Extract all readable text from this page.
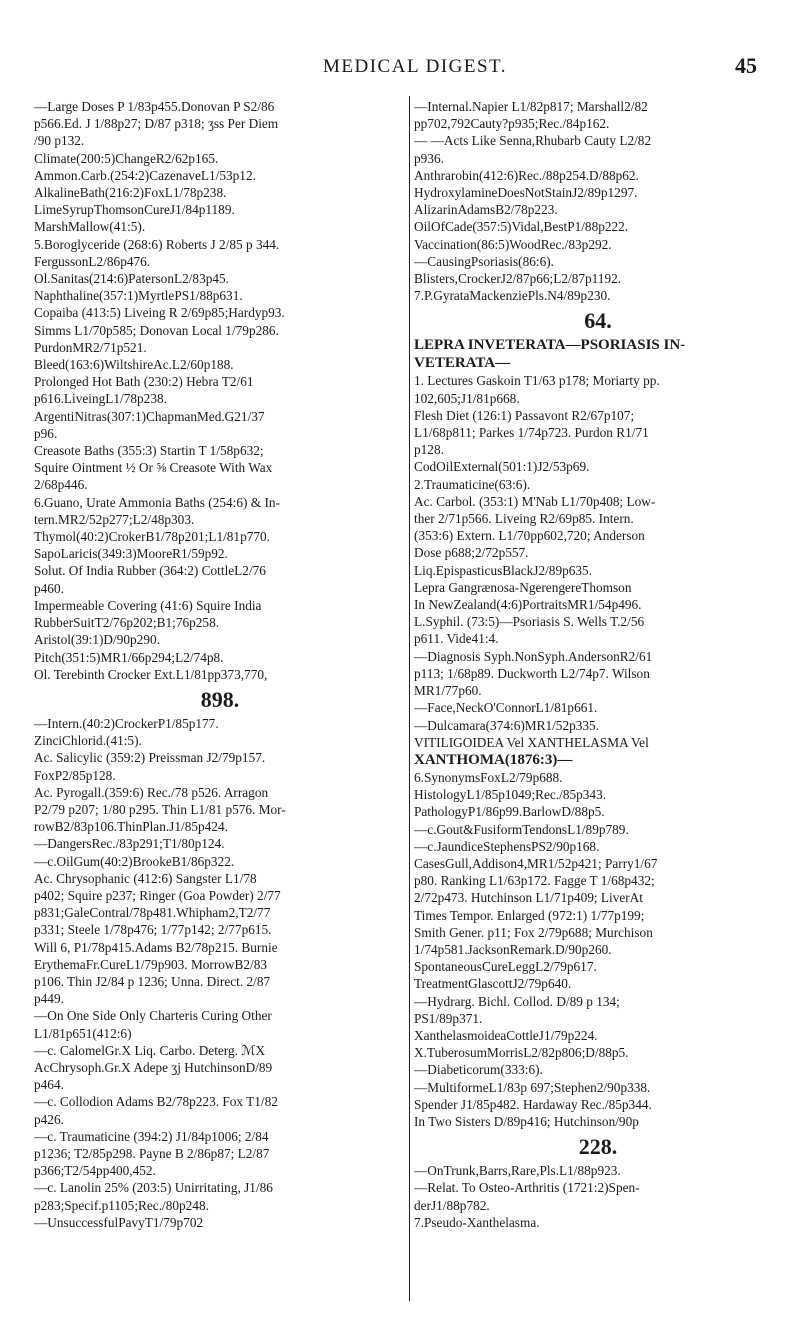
MEDICAL DIGEST.	45
—Large Doses P 1/83p455.Donovan P S2/86
p566.Ed. J 1/88p27; D/87 p318; ʒss Per Diem
/90 p132.
Climate(200:5)ChangeR2/62p165.
Ammon.Carb.(254:2)CazenaveL1/53p12.
AlkalineBath(216:2)FoxL1/78p238.
LimeSyrupThomsonCureJ1/84p1189.
MarshMallow(41:5).
5.Boroglyceride (268:6) Roberts J 2/85 p 344.
FergussonL2/86p476.
Ol.Sanitas(214:6)PatersonL2/83p45.
Naphthaline(357:1)MyrtlePS1/88p631.
Copaiba (413:5) Liveing R 2/69p85;Hardyp93.
Simms L1/70p585; Donovan Local 1/79p286.
PurdonMR2/71p521.
Bleed(163:6)WiltshireAc.L2/60p188.
Prolonged Hot Bath (230:2) Hebra T2/61
p616.LiveingL1/78p238.
ArgentiNitras(307:1)ChapmanMed.G21/37
p96.
Creasote Baths (355:3) Startin T 1/58p632;
Squire Ointment ½ Or ⅝ Creasote With Wax
2/68p446.
6.Guano, Urate Ammonia Baths (254:6) & In-
tern.MR2/52p277;L2/48p303.
Thymol(40:2)CrokerB1/78p201;L1/81p770.
SapoLaricis(349:3)MooreR1/59p92.
Solut. Of India Rubber (364:2) CottleL2/76
p460.
Impermeable Covering (41:6) Squire India
RubberSuitT2/76p202;B1;76p258.
Aristol(39:1)D/90p290.
Pitch(351:5)MR1/66p294;L2/74p8.
Ol. Terebinth Crocker Ext.L1/81pp373,770,
898.
—Intern.(40:2)CrockerP1/85p177.
ZinciChlorid.(41:5).
Ac. Salicylic (359:2) Preissman J2/79p157.
FoxP2/85p128.
Ac. Pyrogall.(359:6) Rec./78 p526. Arragon
P2/79 p207; 1/80 p295. Thin L1/81 p576. Mor-
rowB2/83p106.ThinPlan.J1/85p424.
—DangersRec./83p291;T1/80p124.
—c.OilGum(40:2)BrookeB1/86p322.
Ac. Chrysophanic (412:6) Sangster L1/78
p402; Squire p237; Ringer (Goa Powder) 2/77
p831;GaleContral/78p481.Whipham2,T2/77
p331; Steele 1/78p476; 1/77p142; 2/77p615.
Will 6, P1/78p415.Adams B2/78p215. Burnie
ErythemaFr.CureL1/79p903. MorrowB2/83
p106. Thin J2/84 p 1236; Unna. Direct. 2/87
p449.
—On One Side Only Charteris Curing Other
L1/81p651(412:6)
—c. CalomelGr.X Liq. Carbo. Deterg. ℳX
AcChrysoph.Gr.X Adepe ʒj HutchinsonD/89
p464.
—c. Collodion Adams B2/78p223. Fox T1/82
p426.
—c. Traumaticine (394:2) J1/84p1006; 2/84
p1236; T2/85p298. Payne B 2/86p87; L2/87
p366;T2/54pp400,452.
—c. Lanolin 25% (203:5) Unirritating, J1/86
p283;Specif.p1105;Rec./80p248.
—UnsuccessfulPavyT1/79p702
—Internal.Napier L1/82p817; Marshall2/82
pp702,792Cauty?p935;Rec./84p162.
— —Acts Like Senna,Rhubarb Cauty L2/82
p936.
Anthrarobin(412:6)Rec./88p254.D/88p62.
HydroxylamineDoesNotStainJ2/89p1297.
AlizarinAdamsB2/78p223.
OilOfCade(357:5)Vidal,BestP1/88p222.
Vaccination(86:5)WoodRec./83p292.
—CausingPsoriasis(86:6).
Blisters,CrockerJ2/87p66;L2/87p1192.
7.P.GyrataMackenziePls.N4/89p230.
64.
LEPRA INVETERATA—PSORIASIS IN-
VETERATA—
1. Lectures Gaskoin T1/63 p178; Moriarty pp.
102,605;J1/81p668.
Flesh Diet (126:1) Passavont R2/67p107;
L1/68p811; Parkes 1/74p723. Purdon R1/71
p128.
CodOilExternal(501:1)J2/53p69.
2.Traumaticine(63:6).
Ac. Carbol. (353:1) M'Nab L1/70p408; Low-
ther 2/71p566. Liveing R2/69p85. Intern.
(353:6) Extern. L1/70pp602,720; Anderson
Dose p688;2/72p557.
Liq.EpispasticusBlackJ2/89p635.
Lepra Gangrænosa-NgerengereThomson
In NewZealand(4:6)PortraitsMR1/54p496.
L.Syphil. (73:5)—Psoriasis S. Wells T.2/56
p611. Vide41:4.
—Diagnosis Syph.NonSyph.AndersonR2/61
p113; 1/68p89. Duckworth L2/74p7. Wilson
MR1/77p60.
—Face,NeckO'ConnorL1/81p661.
—Dulcamara(374:6)MR1/52p335.
VITILIGOIDEA Vel XANTHELASMA Vel
XANTHOMA(1876:3)—
6.SynonymsFoxL2/79p688.
HistologyL1/85p1049;Rec./85p343.
PathologyP1/86p99.BarlowD/88p5.
—c.Gout&FusiformTendonsL1/89p789.
—c.JaundiceStephensPS2/90p168.
CasesGull,Addison4,MR1/52p421; Parry1/67
p80. Ranking L1/63p172. Fagge T 1/68p432;
2/72p473. Hutchinson L1/71p409; LiverAt
Times Tempor. Enlarged (972:1) 1/77p199;
Smith Gener. p11; Fox 2/79p688; Murchison
1/74p581.JacksonRemark.D/90p260.
SpontaneousCureLeggL2/79p617.
TreatmentGlascottJ2/79p640.
—Hydrarg. Bichl. Collod. D/89 p 134;
PS1/89p371.
XanthelasmoideaCottleJ1/79p224.
X.TuberosumMorrisL2/82p806;D/88p5.
—Diabeticorum(333:6).
—MultiformeL1/83p 697;Stephen2/90p338.
Spender J1/85p482. Hardaway Rec./85p344.
In Two Sisters D/89p416; Hutchinson/90p
228.
—OnTrunk,Barrs,Rare,Pls.L1/88p923.
—Relat. To Osteo-Arthritis (1721:2)Spen-
derJ1/88p782.
7.Pseudo-Xanthelasma.
